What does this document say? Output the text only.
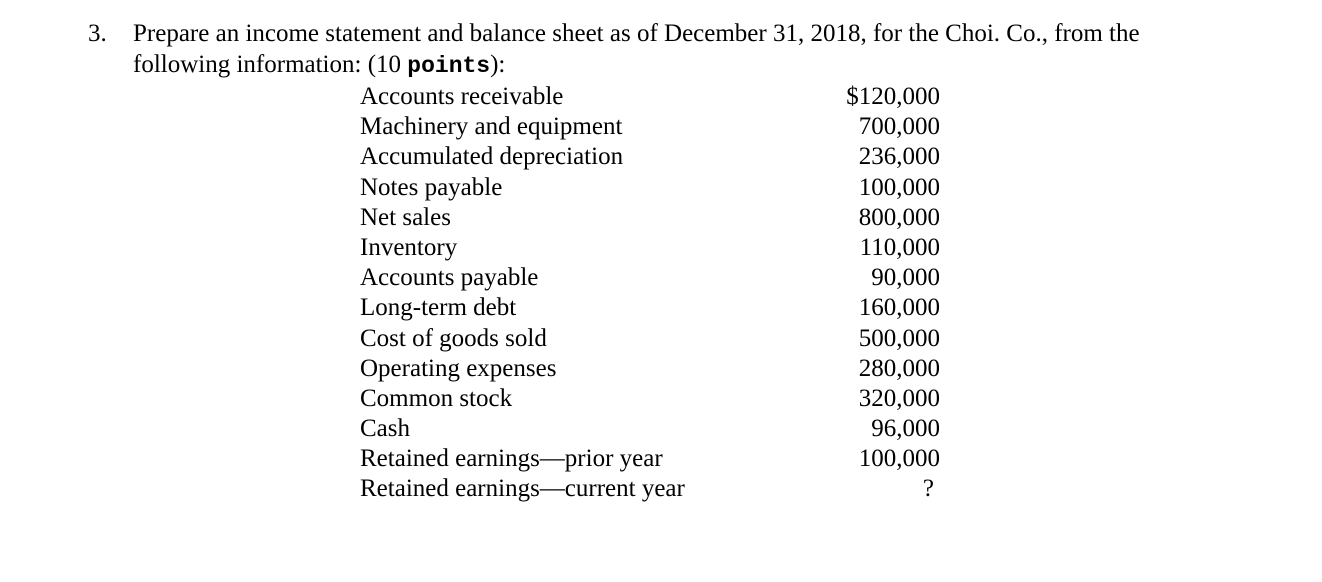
3. Prepare an income statement and balance sheet as of December 31, 2018, for the Choi. Co., from the
following information: (10 points):
Accounts receivable	$120,000
Machinery and equipment	700,000
Accumulated depreciation	236,000
Notes payable	100,000
Net sales	800,000
Inventory	110,000
Accounts payable	90,000
Long-term debt	160,000
Cost of goods sold	500,000
Operating expenses	280,000
Common stock	320,000
Cash	96,000
Retained earnings—prior year	100,000
Retained earnings—current year	?
